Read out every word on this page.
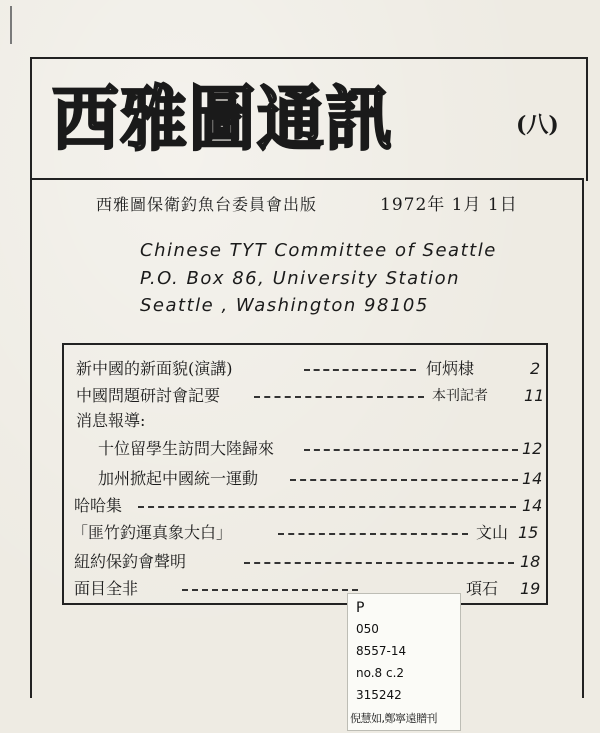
西雅圖通訊	(八)
西雅圖保衛釣魚台委員會出版	1972年 1月 1日
Chinese TYT Committee of Seattle
P.O. Box 86, University Station
Seattle , Washington 98105
新中國的新面貌(演講)	何炳棣	2
中國問題研討會記要	本刊記者 11
消息報導:
十位留學生訪問大陸歸來	12
加州掀起中國統一運動	14
哈哈集	14
「匪竹釣運真象大白」	文山 15
紐約保釣會聲明	18
面目全非	項石 19
P
050
8557-14
no.8 c.2
315242
倪慧如,鄭寧遠贈刊
